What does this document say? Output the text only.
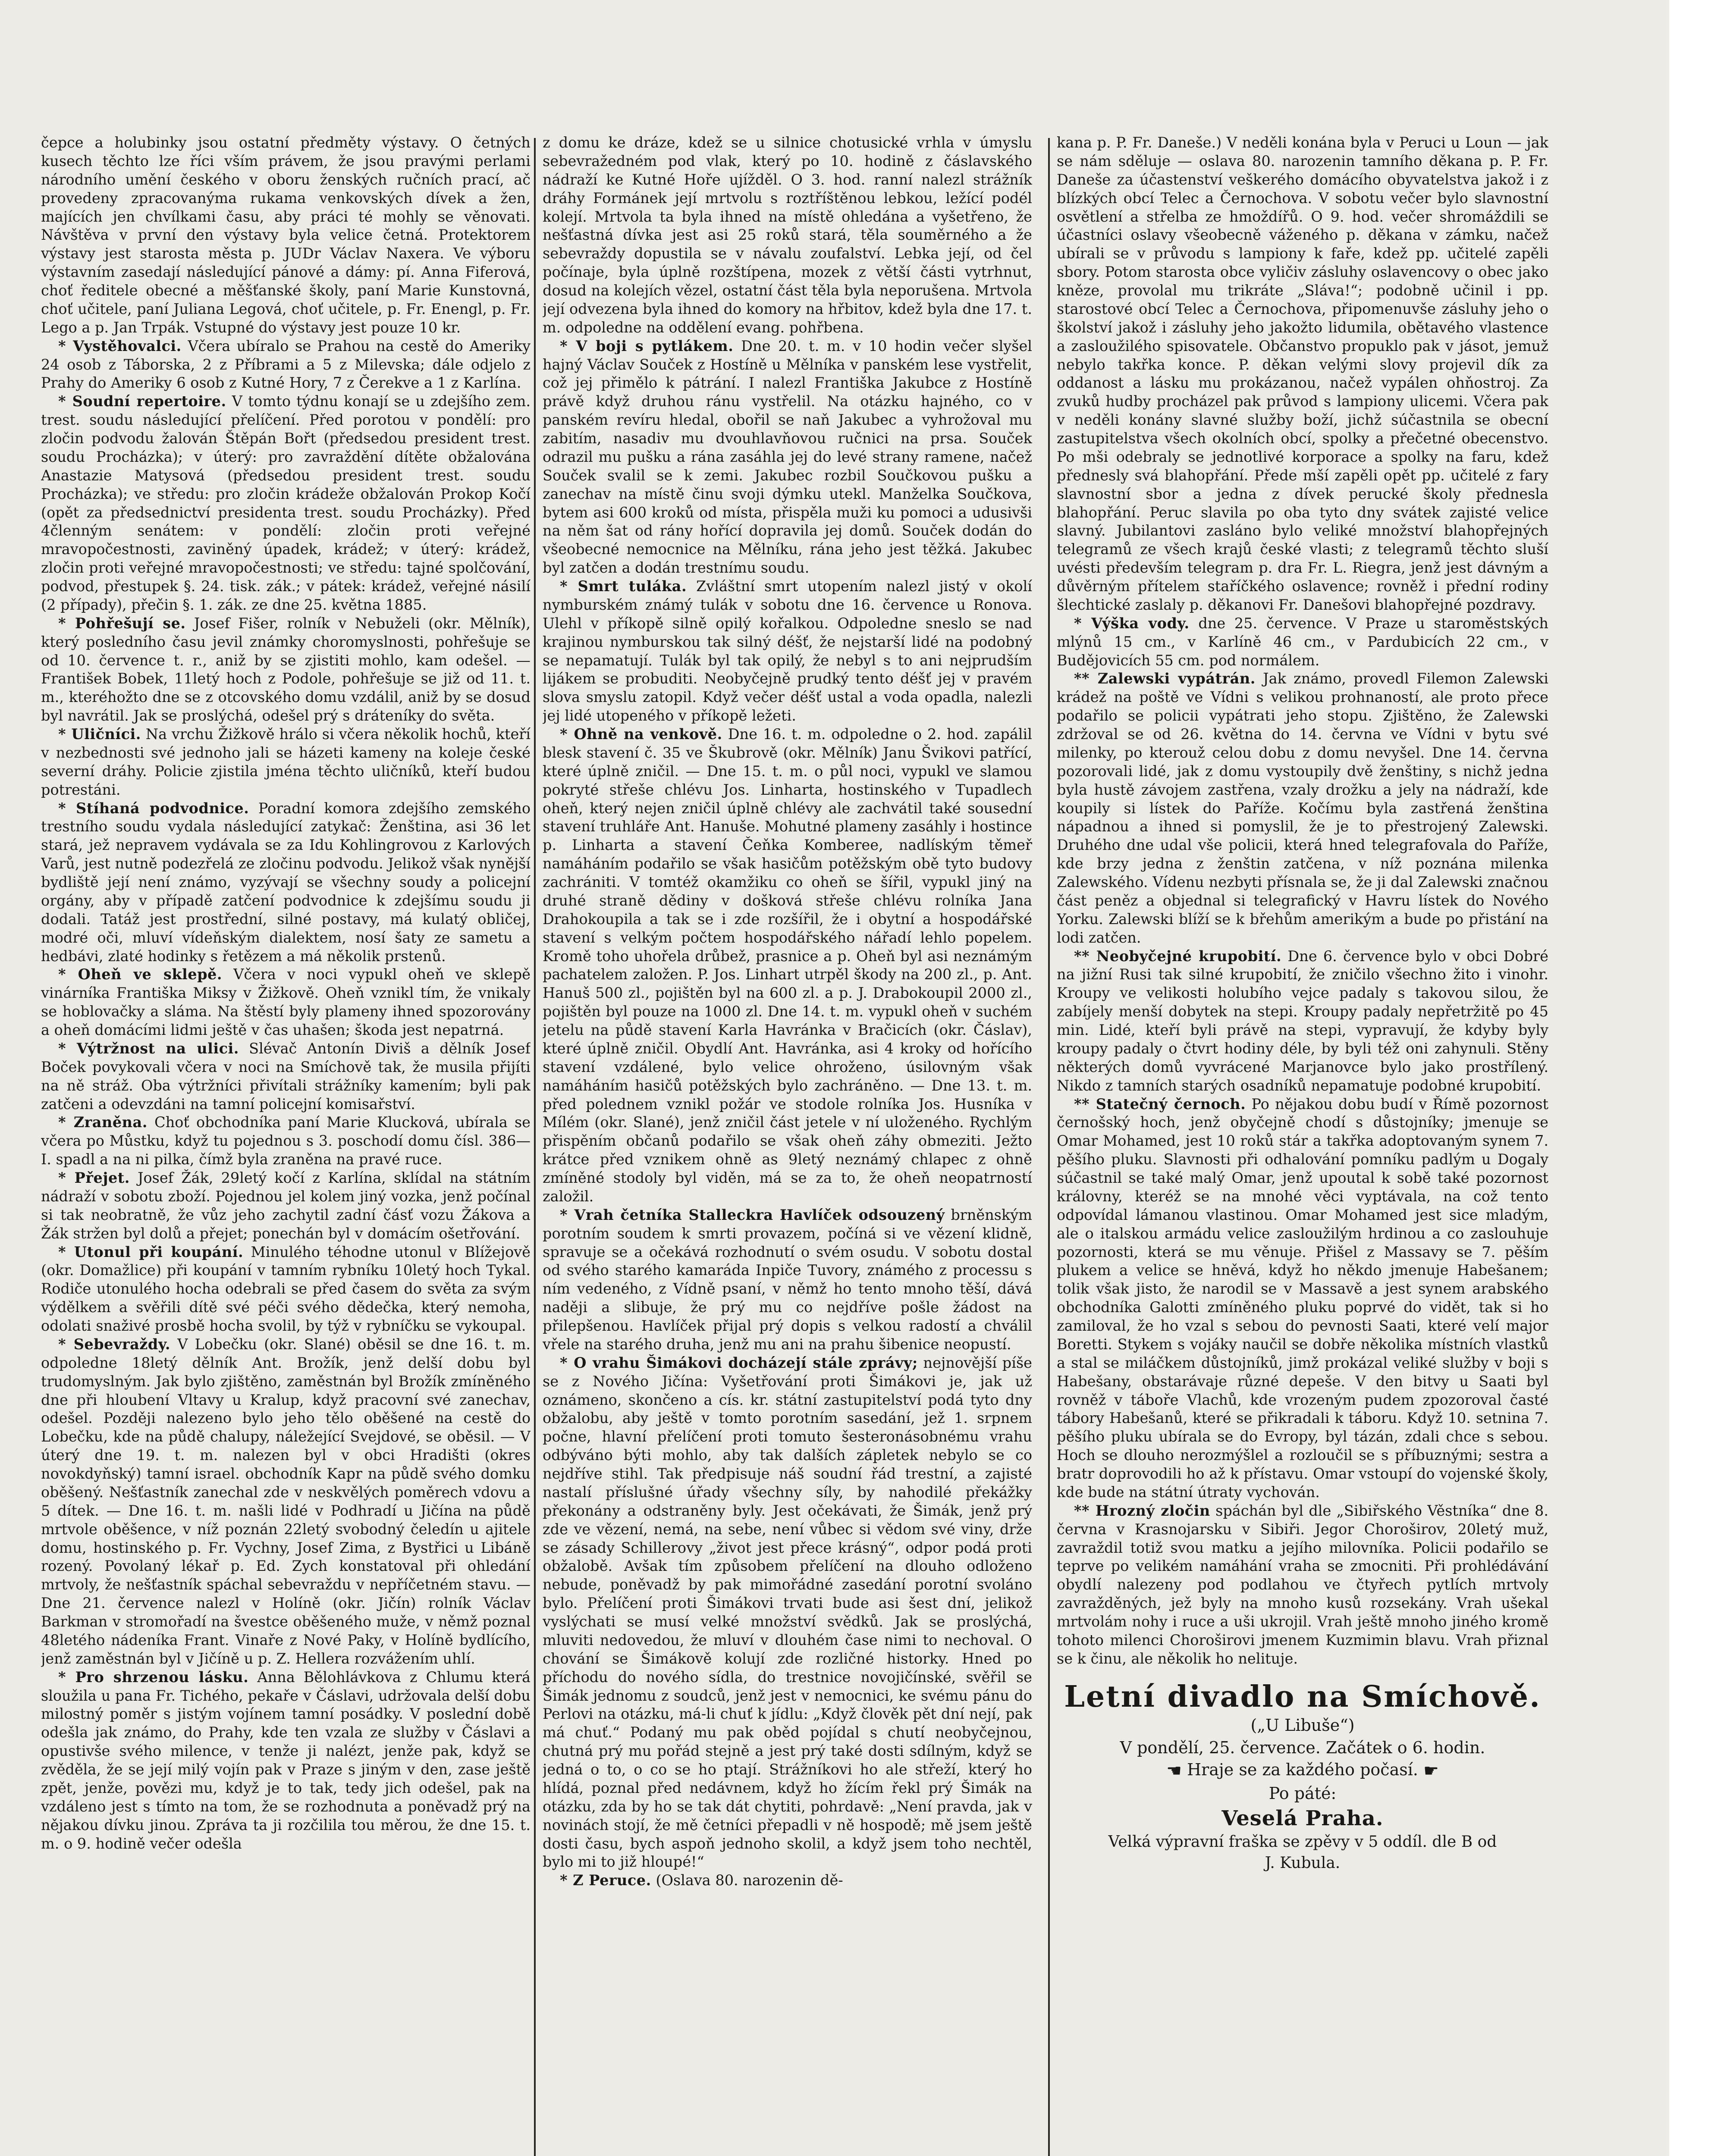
čepce a holubinky jsou ostatní předměty výstavy. O četných kusech těchto lze říci vším právem, že jsou pravými perlami národního umění českého v oboru ženských ručních prací, ač provedeny zpracovanýma rukama venkovských dívek a žen, majících jen chvílkami času, aby práci té mohly se věnovati. Návštěva v první den výstavy byla velice četná. Protektorem výstavy jest starosta města p. JUDr Václav Naxera. Ve výboru výstavním zasedají následující pánové a dámy: pí. Anna Fiferová, choť ředitele obecné a měšťanské školy, paní Marie Kunstovná, choť učitele, paní Juliana Legová, choť učitele, p. Fr. Enengl, p. Fr. Lego a p. Jan Trpák. Vstupné do výstavy jest pouze 10 kr.

* Vystěhovalci. Včera ubíralo se Prahou na cestě do Ameriky 24 osob z Táborska, 2 z Příbrami a 5 z Milevska; dále odjelo z Prahy do Ameriky 6 osob z Kutné Hory, 7 z Čerekve a 1 z Karlína.

* Soudní repertoire. V tomto týdnu konají se u zdejšího zem. trest. soudu následující přelíčení. Před porotou v pondělí: pro zločin podvodu žalován Štěpán Bořt (předsedou president trest. soudu Procházka); v úterý: pro zavraždění dítěte obžalována Anastazie Matysová (předsedou president trest. soudu Procházka); ve středu: pro zločin krádeže obžalován Prokop Kočí (opět za předsednictví presidenta trest. soudu Procházky). Před 4členným senátem: v pondělí: zločin proti veřejné mravopočestnosti, zaviněný úpadek, krádež; v úterý: krádež, zločin proti veřejné mravopočestnosti; ve středu: tajné spolčování, podvod, přestupek §. 24. tisk. zák.; v pátek: krádež, veřejné násilí (2 případy), přečin §. 1. zák. ze dne 25. května 1885.

* Pohřešují se. Josef Fišer, rolník v Nebuželi (okr. Mělník), který posledního času jevil známky choromyslnosti, pohřešuje se od 10. července t. r., aniž by se zjistiti mohlo, kam odešel. — František Bobek, 11letý hoch z Podole, pohřešuje se již od 11. t. m., kteréhožto dne se z otcovského domu vzdálil, aniž by se dosud byl navrátil. Jak se proslýchá, odešel prý s dráteníky do světa.

* Uličníci. Na vrchu Žižkově hrálo si včera několik hochů, kteří v nezbednosti své jednoho jali se házeti kameny na koleje české severní dráhy. Policie zjistila jména těchto uličníků, kteří budou potrestáni.

* Stíhaná podvodnice. Poradní komora zdejšího zemského trestního soudu vydala následující zatykač: Ženština, asi 36 let stará, jež nepravem vydávala se za Idu Kohlingrovou z Karlových Varů, jest nutně podezřelá ze zločinu podvodu. Jelikož však nynější bydliště její není známo, vyzývají se všechny soudy a policejní orgány, aby v případě zatčení podvodnice k zdejšímu soudu ji dodali. Tatáž jest prostřední, silné postavy, má kulatý obličej, modré oči, mluví vídeňským dialektem, nosí šaty ze sametu a hedbávi, zlaté hodinky s řetězem a má několik prstenů.

* Oheň ve sklepě. Včera v noci vypukl oheň ve sklepě vinárníka Františka Miksy v Žižkově. Oheň vznikl tím, že vnikaly se hoblovačky a sláma. Na štěstí byly plameny ihned spozorovány a oheň domácími lidmi ještě v čas uhašen; škoda jest nepatrná.

* Výtržnost na ulici. Slévač Antonín Diviš a dělník Josef Boček povykovali včera v noci na Smíchově tak, že musila přijíti na ně stráž. Oba výtržníci přivítali strážníky kamením; byli pak zatčeni a odevzdáni na tamní policejní komisařství.

* Zraněna. Choť obchodníka paní Marie Klucková, ubírala se včera po Můstku, když tu pojednou s 3. poschodí domu čísl. 386—I. spadl a na ni pilka, čímž byla zraněna na pravé ruce.

* Přejet. Josef Žák, 29letý kočí z Karlína, sklídal na státním nádraží v sobotu zboží. Pojednou jel kolem jiný vozka, jenž počínal si tak neobratně, že vůz jeho zachytil zadní čásť vozu Žákova a Žák stržen byl dolů a přejet; ponechán byl v domácím ošetřování.

* Utonul při koupání. Minulého téhodne utonul v Blížejově (okr. Domažlice) při koupání v tamním rybníku 10letý hoch Tykal. Rodiče utonulého hocha odebrali se před časem do světa za svým výdělkem a svěřili dítě své péči svého dědečka, který nemoha, odolati snaživé prosbě hocha svolil, by týž v rybníčku se vykoupal.

* Sebevraždy. V Lobečku (okr. Slané) oběsil se dne 16. t. m. odpoledne 18letý dělník Ant. Brožík, jenž delší dobu byl trudomyslným. Jak bylo zjištěno, zaměstnán byl Brožík zmíněného dne při hloubení Vltavy u Kralup, když pracovní své zanechav, odešel. Později nalezeno bylo jeho tělo oběšené na cestě do Lobečku, kde na půdě chalupy, náležející Svejdové, se oběsil. — V úterý dne 19. t. m. nalezen byl v obci Hradišti (okres novokdyňský) tamní israel. obchodník Kapr na půdě svého domku oběšený. Nešťastník zanechal zde v neskvělých poměrech vdovu a 5 dítek. — Dne 16. t. m. našli lidé v Podhradí u Jičína na půdě mrtvole oběšence, v níž poznán 22letý svobodný čeledín u ajitele domu, hostinského p. Fr. Vychny, Josef Zima, z Bystřici u Libáně rozený. Povolaný lékař p. Ed. Zych konstatoval při ohledání mrtvoly, že nešťastník spáchal sebevraždu v nepříčetném stavu. — Dne 21. července nalezl v Holíně (okr. Jičín) rolník Václav Barkman v stromořadí na švestce oběšeného muže, v němž poznal 48letého nádeníka Frant. Vinaře z Nové Paky, v Holíně bydlícího, jenž zaměstnán byl v Jičíně u p. Z. Hellera rozvážením uhlí.

* Pro shrzenou lásku. Anna Bělohlávkova z Chlumu která sloužila u pana Fr. Tichého, pekaře v Čáslavi, udržovala delší dobu milostný poměr s jistým vojínem tamní posádky. V poslední době odešla jak známo, do Prahy, kde ten vzala ze služby v Čáslavi a opustivše svého milence, v tenže ji nalézt, jenže pak, když se zvěděla, že se její milý vojín pak v Praze s jiným v den, zase ještě zpět, jenže, povězi mu, když je to tak, tedy jich odešel, pak na vzdáleno jest s tímto na tom, že se rozhodnuta a poněvadž prý na nějakou dívku jinou. Zpráva ta ji rozčilila tou měrou, že dne 15. t. m. o 9. hodině večer odešla

z domu ke dráze, kdež se u silnice chotusické vrhla v úmyslu sebevražedném pod vlak, který po 10. hodině z čáslavského nádraží ke Kutné Hoře ujížděl. O 3. hod. ranní nalezl strážník dráhy Formánek její mrtvolu s roztříštěnou lebkou, ležící podél kolejí. Mrtvola ta byla ihned na místě ohledána a vyšetřeno, že nešťastná dívka jest asi 25 roků stará, těla souměrného a že sebevraždy dopustila se v návalu zoufalství. Lebka její, od čel počínaje, byla úplně rozštípena, mozek z větší části vytrhnut, dosud na kolejích vězel, ostatní část těla byla neporušena. Mrtvola její odvezena byla ihned do komory na hřbitov, kdež byla dne 17. t. m. odpoledne na oddělení evang. pohřbena.

* V boji s pytlákem. Dne 20. t. m. v 10 hodin večer slyšel hajný Václav Souček z Hostíně u Mělníka v panském lese vystřelit, což jej přimělo k pátrání. I nalezl Františka Jakubce z Hostíně právě když druhou ránu vystřelil. Na otázku hajného, co v panském revíru hledal, obořil se naň Jakubec a vyhrožoval mu zabitím, nasadiv mu dvouhlavňovou ručnici na prsa. Souček odrazil mu pušku a rána zasáhla jej do levé strany ramene, načež Souček svalil se k zemi. Jakubec rozbil Součkovou pušku a zanechav na místě činu svoji dýmku utekl. Manželka Součkova, bytem asi 600 kroků od místa, přispěla muži ku pomoci a udusivši na něm šat od rány hořící dopravila jej domů. Souček dodán do všeobecné nemocnice na Mělníku, rána jeho jest těžká. Jakubec byl zatčen a dodán trestnímu soudu.

* Smrt tuláka. Zvláštní smrt utopením nalezl jistý v okolí nymburském známý tulák v sobotu dne 16. července u Ronova. Ulehl v příkopě silně opilý kořalkou. Odpoledne sneslo se nad krajinou nymburskou tak silný déšť, že nejstarší lidé na podobný se nepamatují. Tulák byl tak opilý, že nebyl s to ani nejprudším lijákem se probuditi. Neobyčejně prudký tento déšť jej v pravém slova smyslu zatopil. Když večer déšť ustal a voda opadla, nalezli jej lidé utopeného v příkopě ležeti.

* Ohně na venkově. Dne 16. t. m. odpoledne o 2. hod. zapálil blesk stavení č. 35 ve Škubrově (okr. Mělník) Janu Švikovi patřící, které úplně zničil. — Dne 15. t. m. o půl noci, vypukl ve slamou pokryté střeše chlévu Jos. Linharta, hostinského v Tupadlech oheň, který nejen zničil úplně chlévy ale zachvátil také sousední stavení truhláře Ant. Hanuše. Mohutné plameny zasáhly i hostince p. Linharta a stavení Čeňka Komberee, nadlíským těmeř namáháním podařilo se však hasičům potěžským obě tyto budovy zachrániti. V tomtéž okamžiku co oheň se šířil, vypukl jiný na druhé straně dědiny v došková střeše chlévu rolníka Jana Drahokoupila a tak se i zde rozšířil, že i obytní a hospodářské stavení s velkým počtem hospodářského nářadí lehlo popelem. Kromě toho uhořela drůbež, prasnice a p. Oheň byl asi neznámým pachatelem založen. P. Jos. Linhart utrpěl škody na 200 zl., p. Ant. Hanuš 500 zl., pojištěn byl na 600 zl. a p. J. Drabokoupil 2000 zl., pojištěn byl pouze na 1000 zl. Dne 14. t. m. vypukl oheň v suchém jetelu na půdě stavení Karla Havránka v Bračicích (okr. Čáslav), které úplně zničil. Obydlí Ant. Havránka, asi 4 kroky od hořícího stavení vzdálené, bylo velice ohroženo, úsilovným však namáháním hasičů potěžských bylo zachráněno. — Dne 13. t. m. před polednem vznikl požár ve stodole rolníka Jos. Husníka v Mílém (okr. Slané), jenž zničil část jetele v ní uloženého. Rychlým přispěním občanů podařilo se však oheň záhy obmeziti. Ježto krátce před vznikem ohně as 9letý neznámý chlapec z ohně zmíněné stodoly byl viděn, má se za to, že oheň neopatrností založil.

* Vrah četníka Stalleckra Havlíček odsouzený brněnským porotním soudem k smrti provazem, počíná si ve vězení klidně, spravuje se a očekává rozhodnutí o svém osudu. V sobotu dostal od svého starého kamaráda Inpiče Tuvory, známého z processu s ním vedeného, z Vídně psaní, v němž ho tento mnoho těší, dává naději a slibuje, že prý mu co nejdříve pošle žádost na přilepšenou. Havlíček přijal prý dopis s velkou radostí a chválil vřele na starého druha, jenž mu ani na prahu šibenice neopustí.

* O vrahu Šimákovi docházejí stále zprávy; nejnovější píše se z Nového Jičína: Vyšetřování proti Šimákovi je, jak už oznámeno, skončeno a cís. kr. státní zastupitelství podá tyto dny obžalobu, aby ještě v tomto porotním sasedání, jež 1. srpnem počne, hlavní přelíčení proti tomuto šesteronásobnému vrahu odbýváno býti mohlo, aby tak dalších zápletek nebylo se co nejdříve stihl. Tak předpisuje náš soudní řád trestní, a zajisté nastalí příslušné úřady všechny síly, by nahodilé překážky překonány a odstraněny byly. Jest očekávati, že Šimák, jenž prý zde ve vězení, nemá, na sebe, není vůbec si vědom své viny, drže se zásady Schillerovy „život jest přece krásný“, odpor podá proti obžalobě. Avšak tím způsobem přelíčení na dlouho odloženo nebude, poněvadž by pak mimořádné zasedání porotní svoláno bylo. Přelíčení proti Šimákovi trvati bude asi šest dní, jelikož vyslýchati se musí velké množství svědků. Jak se proslýchá, mluviti nedovedou, že mluví v dlouhém čase nimi to nechoval. O chování se Šimákově kolují zde rozličné historky. Hned po příchodu do nového sídla, do trestnice novojičínské, svěřil se Šimák jednomu z soudců, jenž jest v nemocnici, ke svému pánu do Perlovi na otázku, má-li chuť k jídlu: „Když člověk pět dní nejí, pak má chuť.“ Podaný mu pak oběd pojídal s chutí neobyčejnou, chutná prý mu pořád stejně a jest prý také dosti sdílným, když se jedná o to, o co se ho ptají. Strážníkovi ho ale střeží, který ho hlídá, poznal před nedávnem, když ho žícím řekl prý Šimák na otázku, zda by ho se tak dát chytiti, pohrdavě: „Není pravda, jak v novinách stojí, že mě četníci přepadli v ně hospodě; mě jsem ještě dosti času, bych aspoň jednoho skolil, a když jsem toho nechtěl, bylo mi to již hloupé!“

* Z Peruce. (Oslava 80. narozenin dě-

kana p. P. Fr. Daneše.) V neděli konána byla v Peruci u Loun — jak se nám sděluje — oslava 80. narozenin tamního děkana p. P. Fr. Daneše za účastenství veškerého domácího obyvatelstva jakož i z blízkých obcí Telec a Černochova. V sobotu večer bylo slavnostní osvětlení a střelba ze hmoždířů. O 9. hod. večer shromáždili se účastníci oslavy všeobecně váženého p. děkana v zámku, načež ubírali se v průvodu s lampiony k faře, kdež pp. učitelé zapěli sbory. Potom starosta obce vyličiv zásluhy oslavencovy o obec jako kněze, provolal mu trikráte „Sláva!“; podobně učinil i pp. starostové obcí Telec a Černochova, připomenuvše zásluhy jeho o školství jakož i zásluhy jeho jakožto lidumila, obětavého vlastence a zasloužilého spisovatele. Občanstvo propuklo pak v jásot, jemuž nebylo takřka konce. P. děkan velými slovy projevil dík za oddanost a lásku mu prokázanou, načež vypálen ohňostroj. Za zvuků hudby procházel pak průvod s lampiony ulicemi. Včera pak v neděli konány slavné služby boží, jichž súčastnila se obecní zastupitelstva všech okolních obcí, spolky a přečetné obecenstvo. Po mši odebraly se jednotlivé korporace a spolky na faru, kdež přednesly svá blahopřání. Přede mší zapěli opět pp. učitelé z fary slavnostní sbor a jedna z dívek perucké školy přednesla blahopřání. Peruc slavila po oba tyto dny svátek zajisté velice slavný. Jubilantovi zasláno bylo veliké množství blahopřejných telegramů ze všech krajů české vlasti; z telegramů těchto sluší uvésti především telegram p. dra Fr. L. Riegra, jenž jest dávným a důvěrným přítelem staříčkého oslavence; rovněž i přední rodiny šlechtické zaslaly p. děkanovi Fr. Danešovi blahopřejné pozdravy.

* Výška vody. dne 25. července. V Praze u staroměstských mlýnů 15 cm., v Karlíně 46 cm., v Pardubicích 22 cm., v Budějovicích 55 cm. pod normálem.

** Zalewski vypátrán. Jak známo, provedl Filemon Zalewski krádež na poště ve Vídni s velikou prohnaností, ale proto přece podařilo se policii vypátrati jeho stopu. Zjištěno, že Zalewski zdržoval se od 26. května do 14. června ve Vídni v bytu své milenky, po kterouž celou dobu z domu nevyšel. Dne 14. června pozorovali lidé, jak z domu vystoupily dvě ženštiny, s nichž jedna byla hustě závojem zastřena, vzaly drožku a jely na nádraží, kde koupily si lístek do Paříže. Kočímu byla zastřená ženština nápadnou a ihned si pomyslil, že je to přestrojený Zalewski. Druhého dne udal vše policii, která hned telegrafovala do Paříže, kde brzy jedna z ženštin zatčena, v níž poznána milenka Zalewského. Vídenu nezbyti přísnala se, že ji dal Zalewski značnou část peněz a objednal si telegrafický v Havru lístek do Nového Yorku. Zalewski blíží se k břehům amerikým a bude po přistání na lodi zatčen.

** Neobyčejné krupobití. Dne 6. července bylo v obci Dobré na jižní Rusi tak silné krupobití, že zničilo všechno žito i vinohr. Kroupy ve velikosti holubího vejce padaly s takovou silou, že zabíjely menší dobytek na stepi. Kroupy padaly nepřetržitě po 45 min. Lidé, kteří byli právě na stepi, vypravují, že kdyby byly kroupy padaly o čtvrt hodiny déle, by byli též oni zahynuli. Stěny některých domů vyvrácené Marjanovce bylo jako prostřílený. Nikdo z tamních starých osadníků nepamatuje podobné krupobití.

** Statečný černoch. Po nějakou dobu budí v Římě pozornost černošský hoch, jenž obyčejně chodí s důstojníky; jmenuje se Omar Mohamed, jest 10 roků stár a takřka adoptovaným synem 7. pěšího pluku. Slavnosti při odhalování pomníku padlým u Dogaly súčastnil se také malý Omar, jenž upoutal k sobě také pozornost královny, kteréž se na mnohé věci vyptávala, na což tento odpovídal lámanou vlastinou. Omar Mohamed jest sice mladým, ale o italskou armádu velice zasloužilým hrdinou a co zaslouhuje pozornosti, která se mu věnuje. Přišel z Massavy se 7. pěším plukem a velice se hněvá, když ho někdo jmenuje Habešanem; tolik však jisto, že narodil se v Massavě a jest synem arabského obchodníka Galotti zmíněného pluku poprvé do vidět, tak si ho zamiloval, že ho vzal s sebou do pevnosti Saati, které velí major Boretti. Stykem s vojáky naučil se dobře několika místních vlastků a stal se miláčkem důstojníků, jimž prokázal veliké služby v boji s Habešany, obstarávaje různé depeše. V den bitvy u Saati byl rovněž v táboře Vlachů, kde vrozeným pudem zpozoroval časté tábory Habešanů, které se přikradali k táboru. Když 10. setnina 7. pěšího pluku ubírala se do Evropy, byl tázán, zdali chce s sebou. Hoch se dlouho nerozmýšlel a rozloučil se s příbuznými; sestra a bratr doprovodili ho až k přístavu. Omar vstoupí do vojenské školy, kde bude na státní útraty vychován.

** Hrozný zločin spáchán byl dle „Sibiřského Věstníka“ dne 8. června v Krasnojarsku v Sibiři. Jegor Choroširov, 20letý muž, zavraždil totiž svou matku a jejího milovníka. Policii podařilo se teprve po velikém namáhání vraha se zmocniti. Při prohlédávání obydlí nalezeny pod podlahou ve čtyřech pytlích mrtvoly zavražděných, jež byly na mnoho kusů rozsekány. Vrah ušekal mrtvolám nohy i ruce a uši ukrojil. Vrah ještě mnoho jiného kromě tohoto milenci Choroširovi jmenem Kuzmimin blavu. Vrah přiznal se k činu, ale několik ho nelituje.

Letní divadlo na Smíchově.
(„U Libuše“)
V pondělí, 25. července. Začátek o 6. hodin.
☚ Hraje se za každého počasí. ☛
Po páté:
Veselá Praha.
Velká výpravní fraška se zpěvy v 5 oddíl. dle B od
J. Kubula.
